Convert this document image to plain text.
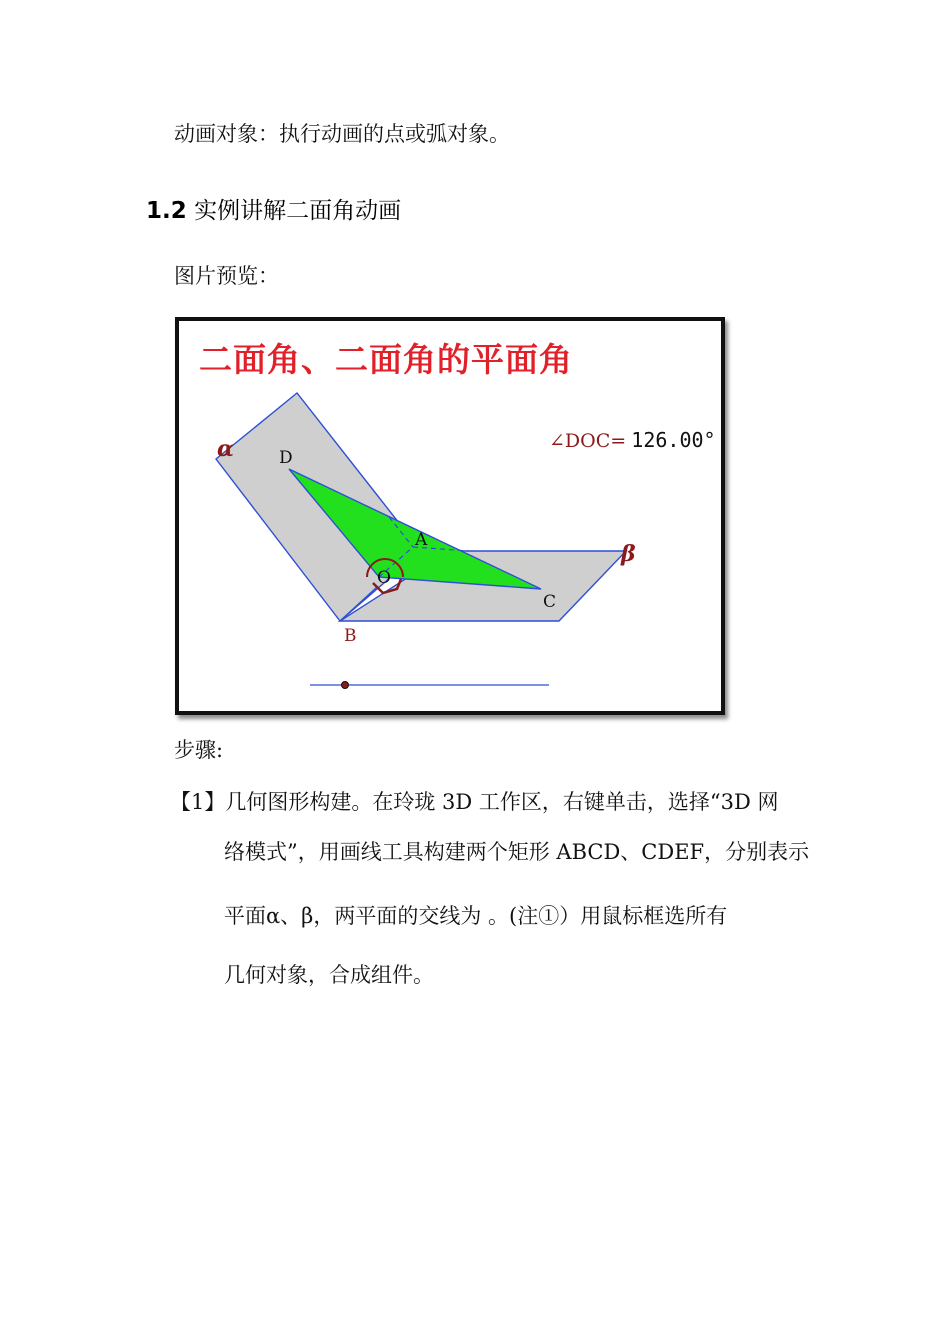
动画对象：执行动画的点或弧对象。
1.2 实例讲解二面角动画
图片预览：
二面角、二面角的平面角
∠DOC= 126.00°
D
A
O
C
B
α
β
步骤:
【1】几何图形构建。在玲珑 3D 工作区，右键单击，选择“3D 网
络模式”，用画线工具构建两个矩形 ABCD、CDEF，分别表示
平面α、β，两平面的交线为 。(注①）用鼠标框选所有
几何对象，合成组件。
